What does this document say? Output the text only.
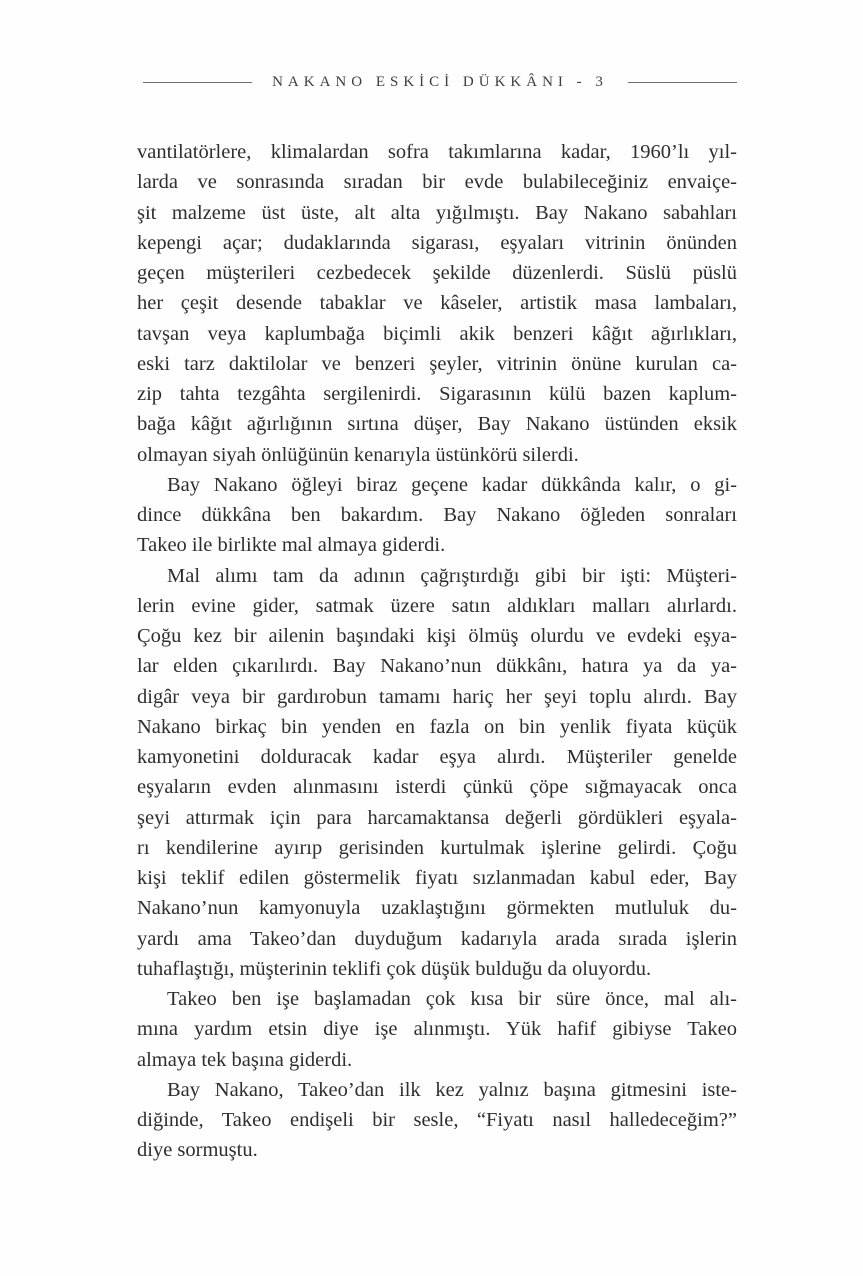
NAKANO ESKİCİ DÜKKÂNI - 3
vantilatörlere, klimalardan sofra takımlarına kadar, 1960’lı yıl-
larda ve sonrasında sıradan bir evde bulabileceğiniz envaiçe-
şit malzeme üst üste, alt alta yığılmıştı. Bay Nakano sabahları
kepengi açar; dudaklarında sigarası, eşyaları vitrinin önünden
geçen müşterileri cezbedecek şekilde düzenlerdi. Süslü püslü
her çeşit desende tabaklar ve kâseler, artistik masa lambaları,
tavşan veya kaplumbağa biçimli akik benzeri kâğıt ağırlıkları,
eski tarz daktilolar ve benzeri şeyler, vitrinin önüne kurulan ca-
zip tahta tezgâhta sergilenirdi. Sigarasının külü bazen kaplum-
bağa kâğıt ağırlığının sırtına düşer, Bay Nakano üstünden eksik
olmayan siyah önlüğünün kenarıyla üstünkörü silerdi.
Bay Nakano öğleyi biraz geçene kadar dükkânda kalır, o gi-
dince dükkâna ben bakardım. Bay Nakano öğleden sonraları
Takeo ile birlikte mal almaya giderdi.
Mal alımı tam da adının çağrıştırdığı gibi bir işti: Müşteri-
lerin evine gider, satmak üzere satın aldıkları malları alırlardı.
Çoğu kez bir ailenin başındaki kişi ölmüş olurdu ve evdeki eşya-
lar elden çıkarılırdı. Bay Nakano’nun dükkânı, hatıra ya da ya-
digâr veya bir gardırobun tamamı hariç her şeyi toplu alırdı. Bay
Nakano birkaç bin yenden en fazla on bin yenlik fiyata küçük
kamyonetini dolduracak kadar eşya alırdı. Müşteriler genelde
eşyaların evden alınmasını isterdi çünkü çöpe sığmayacak onca
şeyi attırmak için para harcamaktansa değerli gördükleri eşyala-
rı kendilerine ayırıp gerisinden kurtulmak işlerine gelirdi. Çoğu
kişi teklif edilen göstermelik fiyatı sızlanmadan kabul eder, Bay
Nakano’nun kamyonuyla uzaklaştığını görmekten mutluluk du-
yardı ama Takeo’dan duyduğum kadarıyla arada sırada işlerin
tuhaflaştığı, müşterinin teklifi çok düşük bulduğu da oluyordu.
Takeo ben işe başlamadan çok kısa bir süre önce, mal alı-
mına yardım etsin diye işe alınmıştı. Yük hafif gibiyse Takeo
almaya tek başına giderdi.
Bay Nakano, Takeo’dan ilk kez yalnız başına gitmesini iste-
diğinde, Takeo endişeli bir sesle, “Fiyatı nasıl halledeceğim?”
diye sormuştu.
